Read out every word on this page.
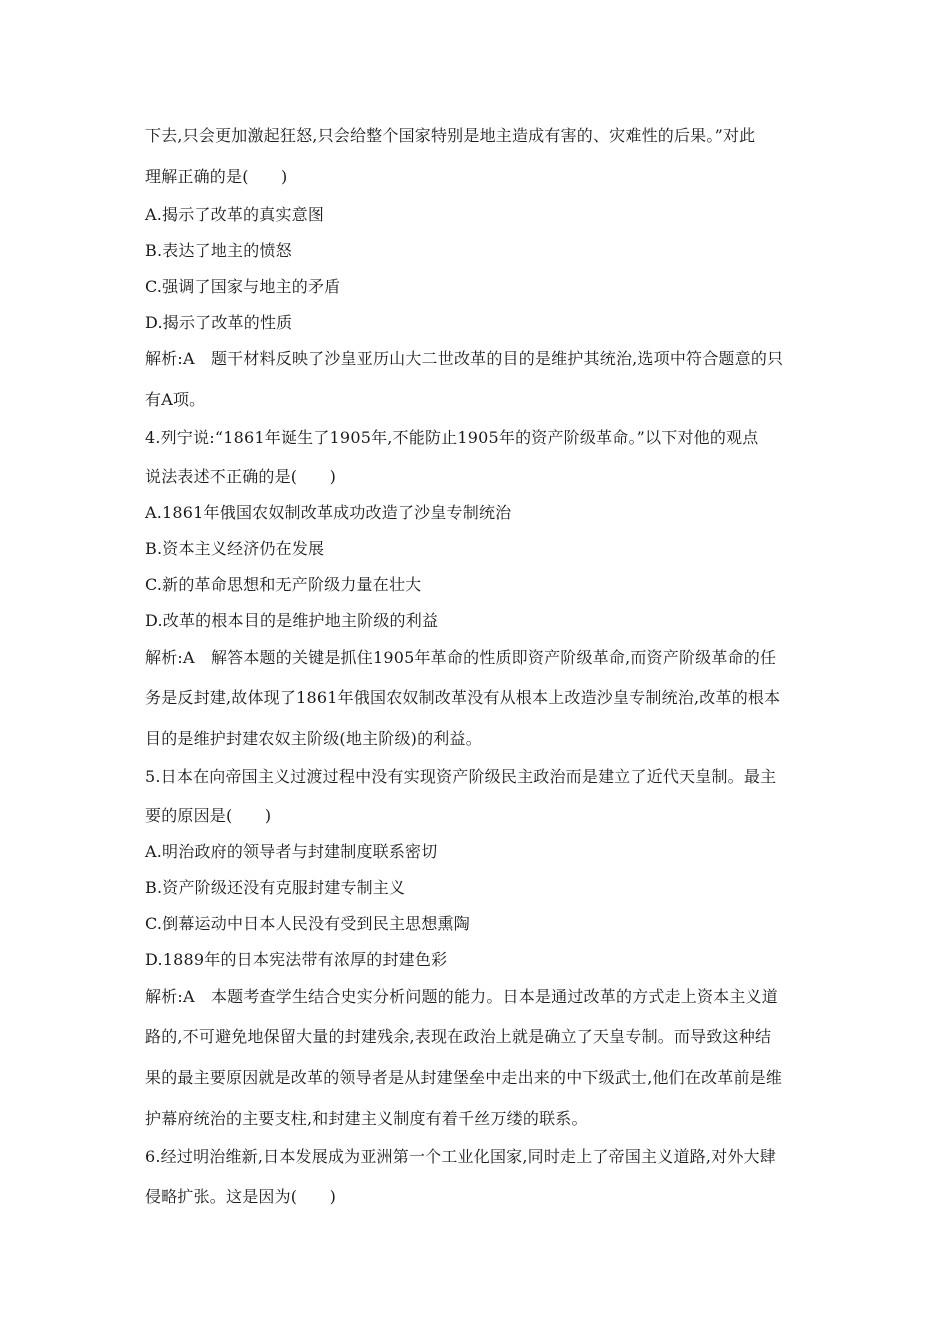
下去,只会更加激起狂怒,只会给整个国家特别是地主造成有害的、灾难性的后果。”对此
理解正确的是(　　)
A.揭示了改革的真实意图
B.表达了地主的愤怒
C.强调了国家与地主的矛盾
D.揭示了改革的性质
解析:A　题干材料反映了沙皇亚历山大二世改革的目的是维护其统治,选项中符合题意的只
有A项。
4.列宁说:“1861年诞生了1905年,不能防止1905年的资产阶级革命。”以下对他的观点
说法表述不正确的是(　　)
A.1861年俄国农奴制改革成功改造了沙皇专制统治
B.资本主义经济仍在发展
C.新的革命思想和无产阶级力量在壮大
D.改革的根本目的是维护地主阶级的利益
解析:A　解答本题的关键是抓住1905年革命的性质即资产阶级革命,而资产阶级革命的任
务是反封建,故体现了1861年俄国农奴制改革没有从根本上改造沙皇专制统治,改革的根本
目的是维护封建农奴主阶级(地主阶级)的利益。
5.日本在向帝国主义过渡过程中没有实现资产阶级民主政治而是建立了近代天皇制。最主
要的原因是(　　)
A.明治政府的领导者与封建制度联系密切
B.资产阶级还没有克服封建专制主义
C.倒幕运动中日本人民没有受到民主思想熏陶
D.1889年的日本宪法带有浓厚的封建色彩
解析:A　本题考查学生结合史实分析问题的能力。日本是通过改革的方式走上资本主义道
路的,不可避免地保留大量的封建残余,表现在政治上就是确立了天皇专制。而导致这种结
果的最主要原因就是改革的领导者是从封建堡垒中走出来的中下级武士,他们在改革前是维
护幕府统治的主要支柱,和封建主义制度有着千丝万缕的联系。
6.经过明治维新,日本发展成为亚洲第一个工业化国家,同时走上了帝国主义道路,对外大肆
侵略扩张。这是因为(　　)
